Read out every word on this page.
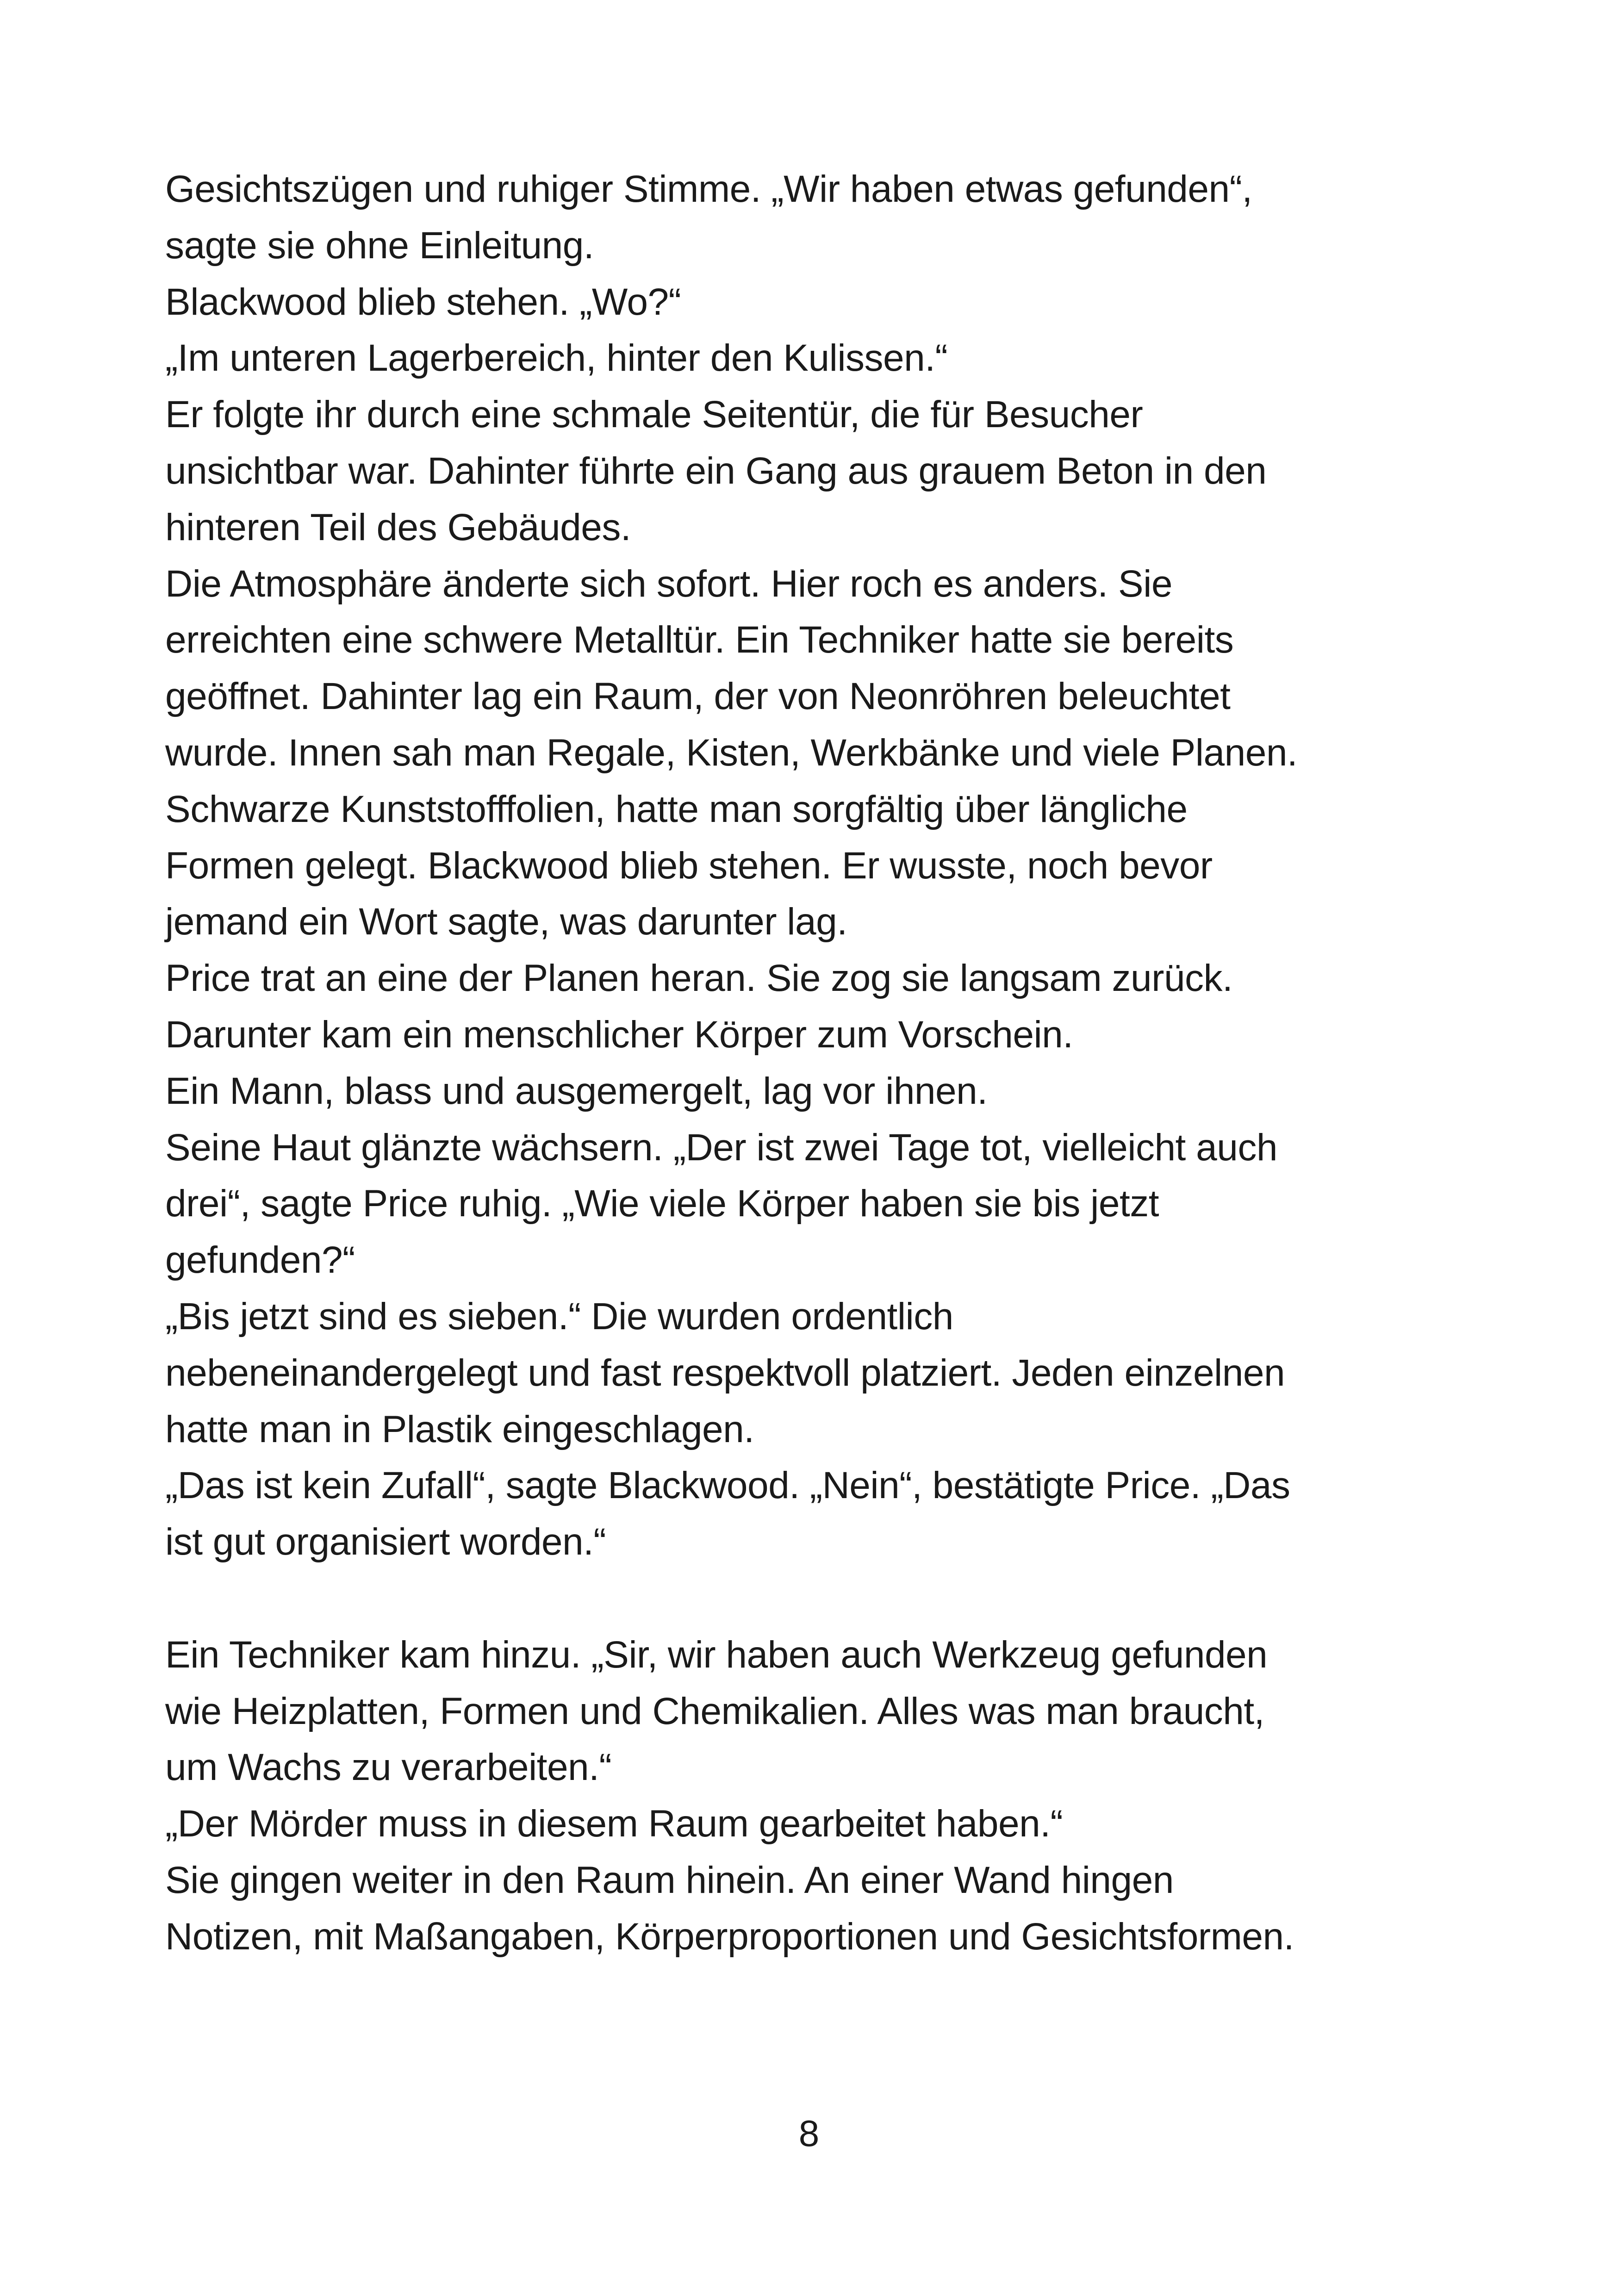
Gesichtszügen und ruhiger Stimme. „Wir haben etwas gefunden“,
sagte sie ohne Einleitung.
Blackwood blieb stehen. „Wo?“
„Im unteren Lagerbereich, hinter den Kulissen.“
Er folgte ihr durch eine schmale Seitentür, die für Besucher
unsichtbar war. Dahinter führte ein Gang aus grauem Beton in den
hinteren Teil des Gebäudes.
Die Atmosphäre änderte sich sofort. Hier roch es anders. Sie
erreichten eine schwere Metalltür. Ein Techniker hatte sie bereits
geöffnet. Dahinter lag ein Raum, der von Neonröhren beleuchtet
wurde. Innen sah man Regale, Kisten, Werkbänke und viele Planen.
Schwarze Kunststofffolien, hatte man sorgfältig über längliche
Formen gelegt. Blackwood blieb stehen. Er wusste, noch bevor
jemand ein Wort sagte, was darunter lag.
Price trat an eine der Planen heran. Sie zog sie langsam zurück.
Darunter kam ein menschlicher Körper zum Vorschein.
Ein Mann, blass und ausgemergelt, lag vor ihnen.
Seine Haut glänzte wächsern. „Der ist zwei Tage tot, vielleicht auch
drei“, sagte Price ruhig. „Wie viele Körper haben sie bis jetzt
gefunden?“
„Bis jetzt sind es sieben.“ Die wurden ordentlich
nebeneinandergelegt und fast respektvoll platziert. Jeden einzelnen
hatte man in Plastik eingeschlagen.
„Das ist kein Zufall“, sagte Blackwood. „Nein“, bestätigte Price. „Das
ist gut organisiert worden.“
Ein Techniker kam hinzu. „Sir, wir haben auch Werkzeug gefunden
wie Heizplatten, Formen und Chemikalien. Alles was man braucht,
um Wachs zu verarbeiten.“
„Der Mörder muss in diesem Raum gearbeitet haben.“
Sie gingen weiter in den Raum hinein. An einer Wand hingen
Notizen, mit Maßangaben, Körperproportionen und Gesichtsformen.
8
